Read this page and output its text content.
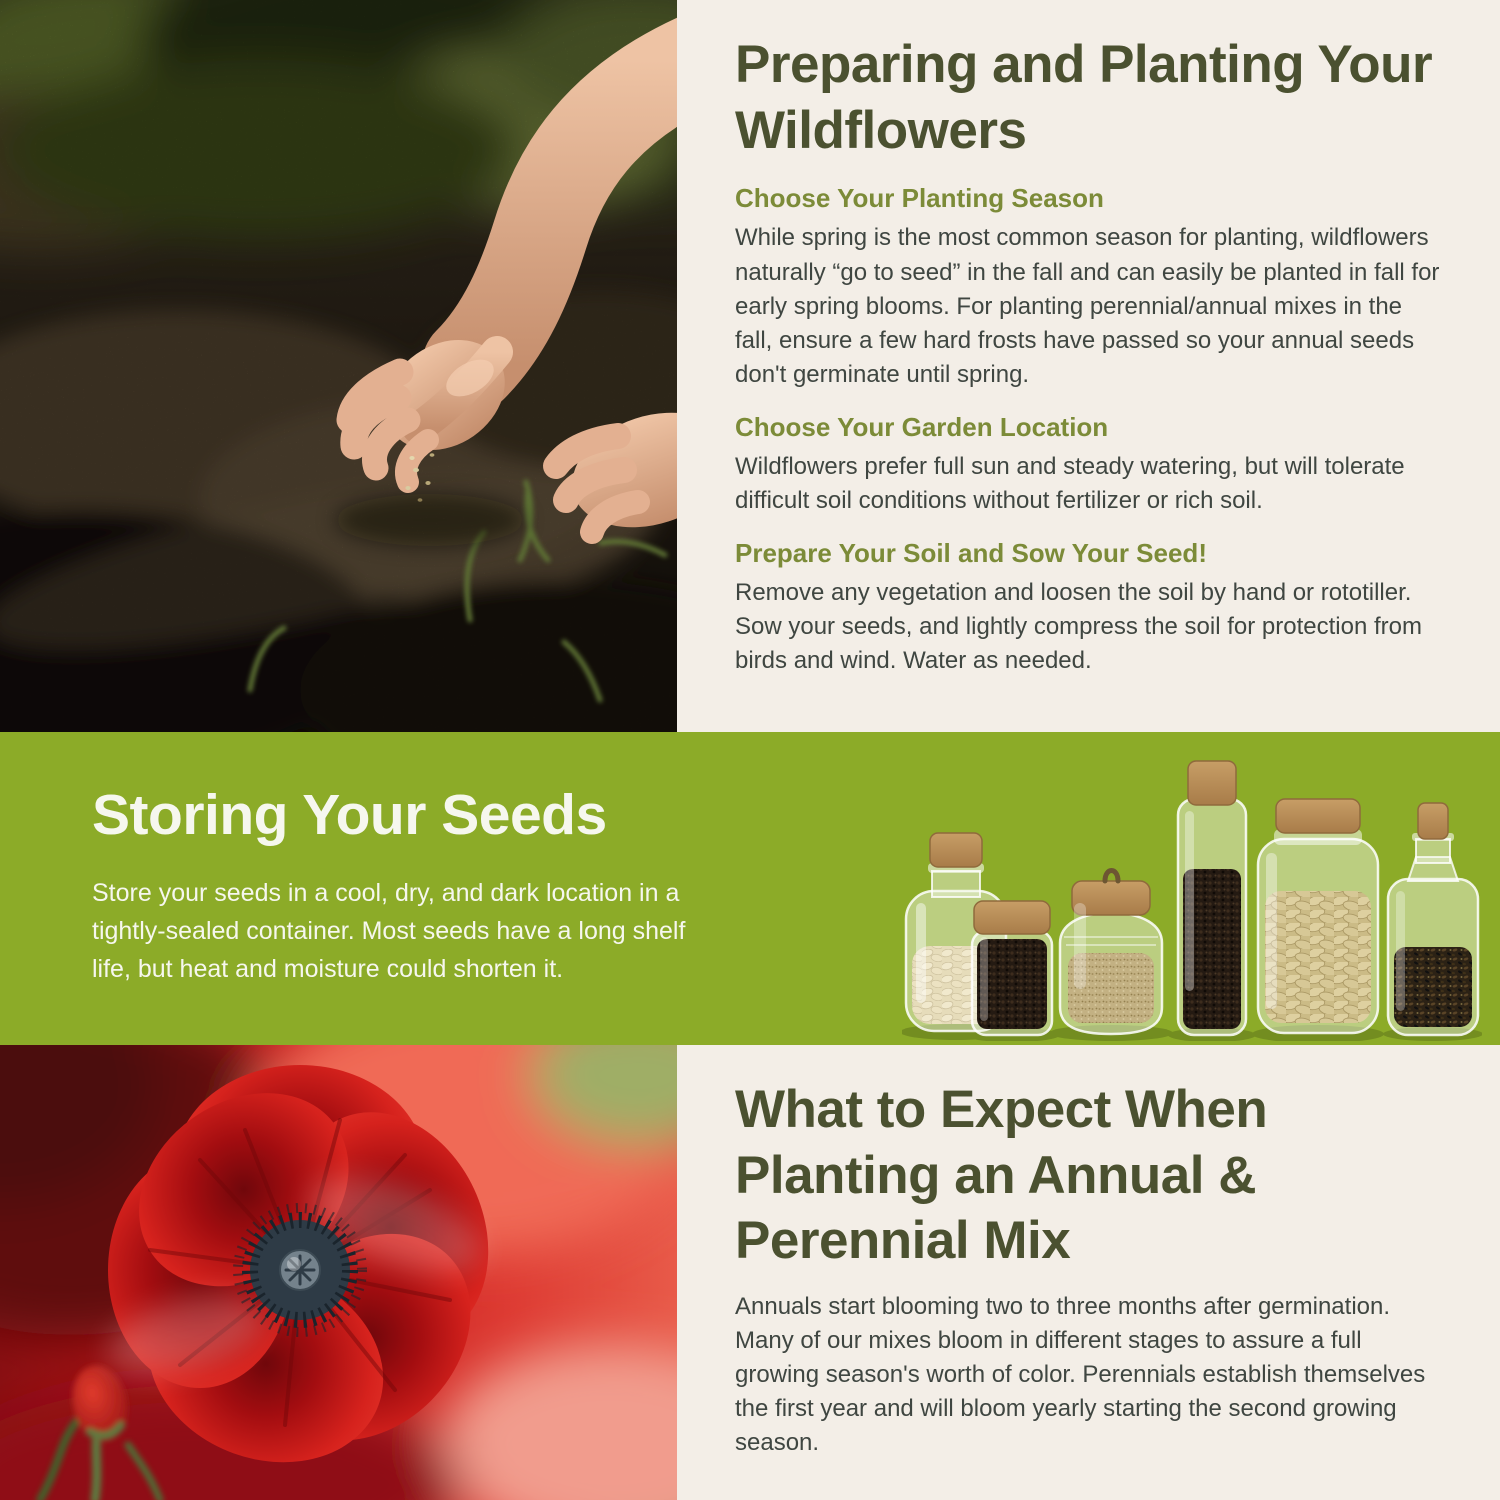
Preparing and Planting Your Wildflowers
Choose Your Planting Season

While spring is the most common season for planting, wildflowers naturally “go to seed” in the fall and can easily be planted in fall for early spring blooms. For planting perennial/annual mixes in the fall, ensure a few hard frosts have passed so your annual seeds don't germinate until spring.

Choose Your Garden Location

Wildflowers prefer full sun and steady watering, but will tolerate difficult soil conditions without fertilizer or rich soil.

Prepare Your Soil and Sow Your Seed!

Remove any vegetation and loosen the soil by hand or rototiller. Sow your seeds, and lightly compress the soil for protection from birds and wind. Water as needed.

Storing Your Seeds

Store your seeds in a cool, dry, and dark location in a tightly-sealed container. Most seeds have a long shelf life, but heat and moisture could shorten it.

What to Expect When Planting an Annual & Perennial Mix

Annuals start blooming two to three months after germination. Many of our mixes bloom in different stages to assure a full growing season's worth of color. Perennials establish themselves the first year and will bloom yearly starting the second growing season.
